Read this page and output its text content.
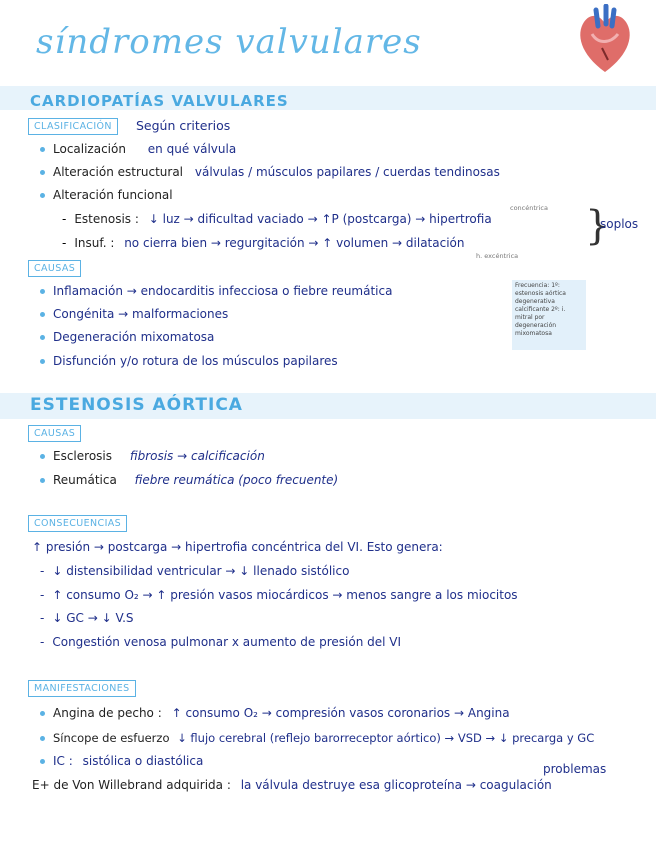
síndromes valvulares
CARDIOPATÍAS VALVULARES
CLASIFICACIÓN	Según criterios
Localización en qué válvula
Alteración estructural válvulas / músculos papilares / cuerdas tendinosas
Alteración funcional
concéntrica
- Estenosis : ↓ luz → dificultad vaciado → ↑P (postcarga) → hipertrofia
- Insuf. : no cierra bien → regurgitación → ↑ volumen → dilatación
h. excéntrica
}
soplos
CAUSAS
Inflamación → endocarditis infecciosa o fiebre reumática
Congénita → malformaciones
Degeneración mixomatosa
Disfunción y/o rotura de los músculos papilares
Frecuencia: 1º: estenosis aórtica degenerativa calcificante 2º: i. mitral por degeneración mixomatosa
ESTENOSIS AÓRTICA
CAUSAS
Esclerosis fibrosis → calcificación
Reumática fiebre reumática (poco frecuente)
CONSECUENCIAS
↑ presión → postcarga → hipertrofia concéntrica del VI. Esto genera:
- ↓ distensibilidad ventricular → ↓ llenado sistólico
- ↑ consumo O₂ → ↑ presión vasos miocárdicos → menos sangre a los miocitos
- ↓ GC → ↓ V.S
- Congestión venosa pulmonar x aumento de presión del VI
MANIFESTACIONES
Angina de pecho : ↑ consumo O₂ → compresión vasos coronarios → Angina
Síncope de esfuerzo ↓ flujo cerebral (reflejo barorreceptor aórtico) → VSD → ↓ precarga y GC
IC : sistólica o diastólica
problemas
E+ de Von Willebrand adquirida : la válvula destruye esa glicoproteína → coagulación
